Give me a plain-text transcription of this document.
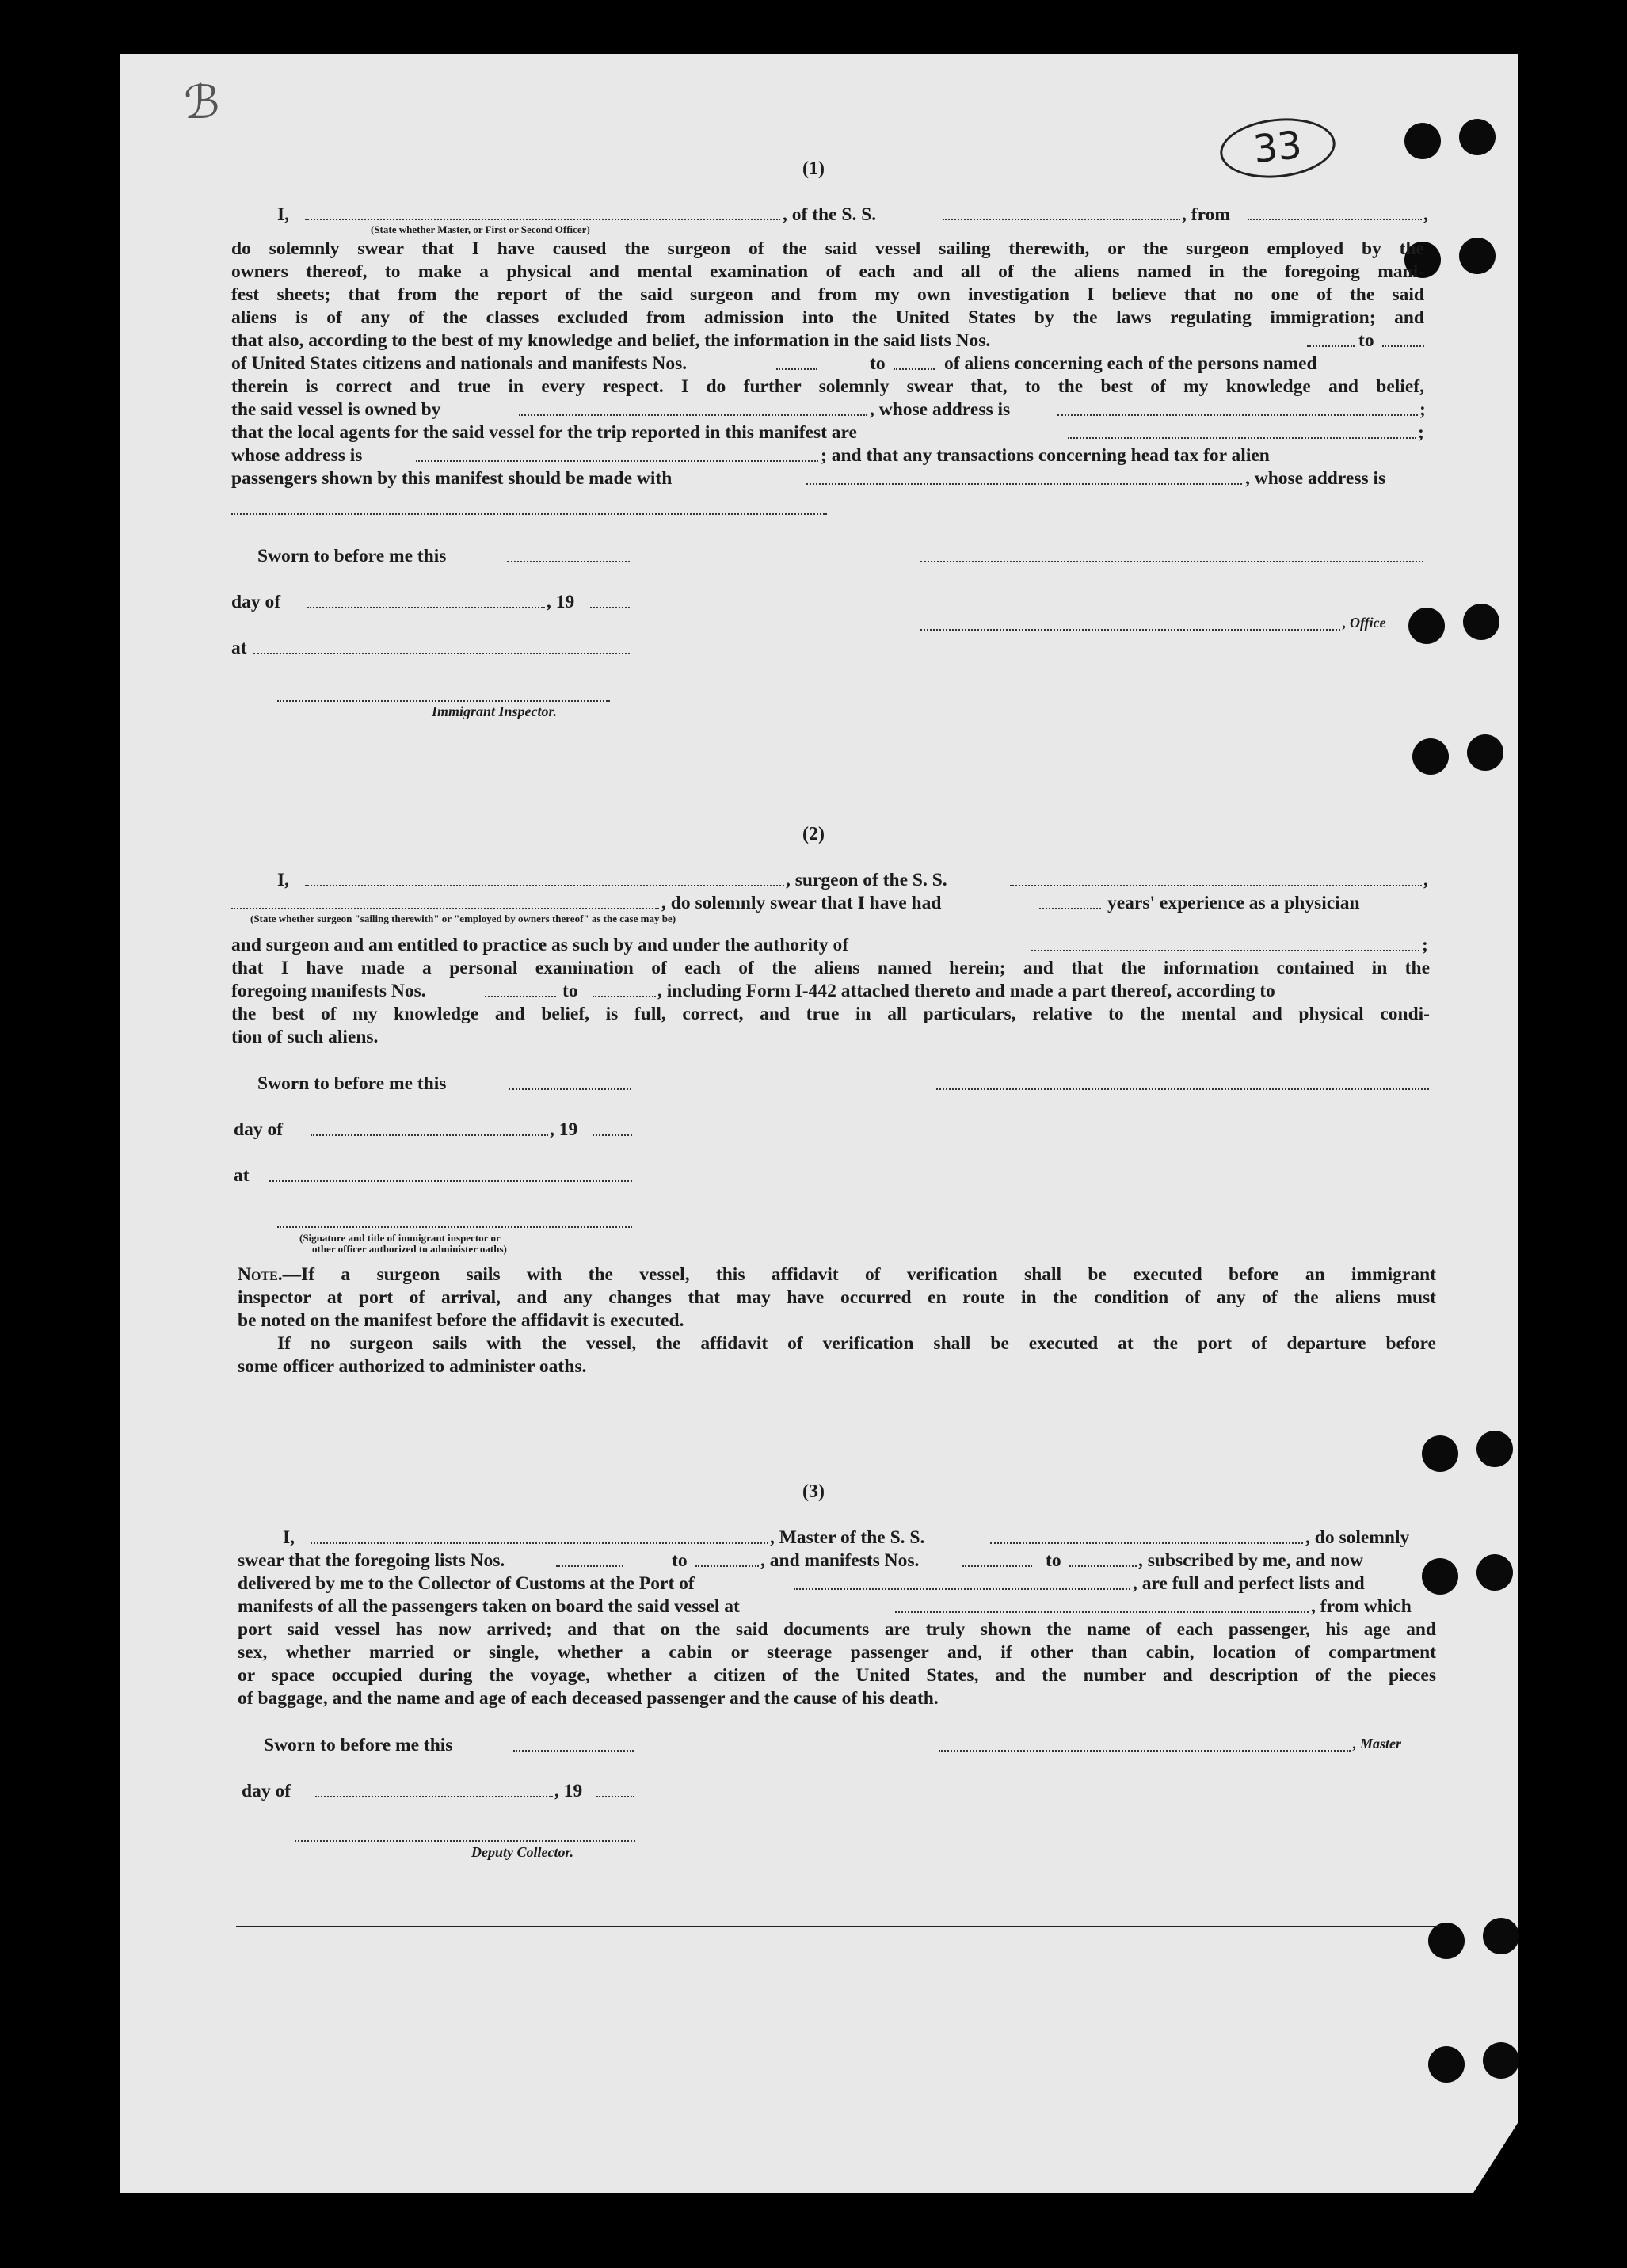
ℬ
33
(1)
I,	, of the S. S.	, from	,
(State whether Master, or First or Second Officer)
do solemnly swear that I have caused the surgeon of the said vessel sailing therewith, or the surgeon employed by the
owners thereof, to make a physical and mental examination of each and all of the aliens named in the foregoing mani-
fest sheets; that from the report of the said surgeon and from my own investigation I believe that no one of the said
aliens is of any of the classes excluded from admission into the United States by the laws regulating immigration; and
that also, according to the best of my knowledge and belief, the information in the said lists Nos.	to
of United States citizens and nationals and manifests Nos.	to	of aliens concerning each of the persons named
therein is correct and true in every respect. I do further solemnly swear that, to the best of my knowledge and belief,
the said vessel is owned by	, whose address is	;
that the local agents for the said vessel for the trip reported in this manifest are	;
whose address is	; and that any transactions concerning head tax for alien
passengers shown by this manifest should be made with	, whose address is
Sworn to before me this
day of	, 19
at
, Office
Immigrant Inspector.
(2)
I,	, surgeon of the S. S.	,
, do solemnly swear that I have had	years' experience as a physician
(State whether surgeon "sailing therewith" or "employed by owners thereof" as the case may be)
and surgeon and am entitled to practice as such by and under the authority of	;
that I have made a personal examination of each of the aliens named herein; and that the information contained in the
foregoing manifests Nos.	to	, including Form I-442 attached thereto and made a part thereof, according to
the best of my knowledge and belief, is full, correct, and true in all particulars, relative to the mental and physical condi-
tion of such aliens.
Sworn to before me this
day of	, 19
at
(Signature and title of immigrant inspector or
other officer authorized to administer oaths)
Note.—If a surgeon sails with the vessel, this affidavit of verification shall be executed before an immigrant
inspector at port of arrival, and any changes that may have occurred en route in the condition of any of the aliens must
be noted on the manifest before the affidavit is executed.
If no surgeon sails with the vessel, the affidavit of verification shall be executed at the port of departure before
some officer authorized to administer oaths.
(3)
I,	, Master of the S. S.	, do solemnly
swear that the foregoing lists Nos.	to	, and manifests Nos.	to	, subscribed by me, and now
delivered by me to the Collector of Customs at the Port of	, are full and perfect lists and
manifests of all the passengers taken on board the said vessel at	, from which
port said vessel has now arrived; and that on the said documents are truly shown the name of each passenger, his age and
sex, whether married or single, whether a cabin or steerage passenger and, if other than cabin, location of compartment
or space occupied during the voyage, whether a citizen of the United States, and the number and description of the pieces
of baggage, and the name and age of each deceased passenger and the cause of his death.
Sworn to before me this	, Master
day of	, 19
Deputy Collector.
